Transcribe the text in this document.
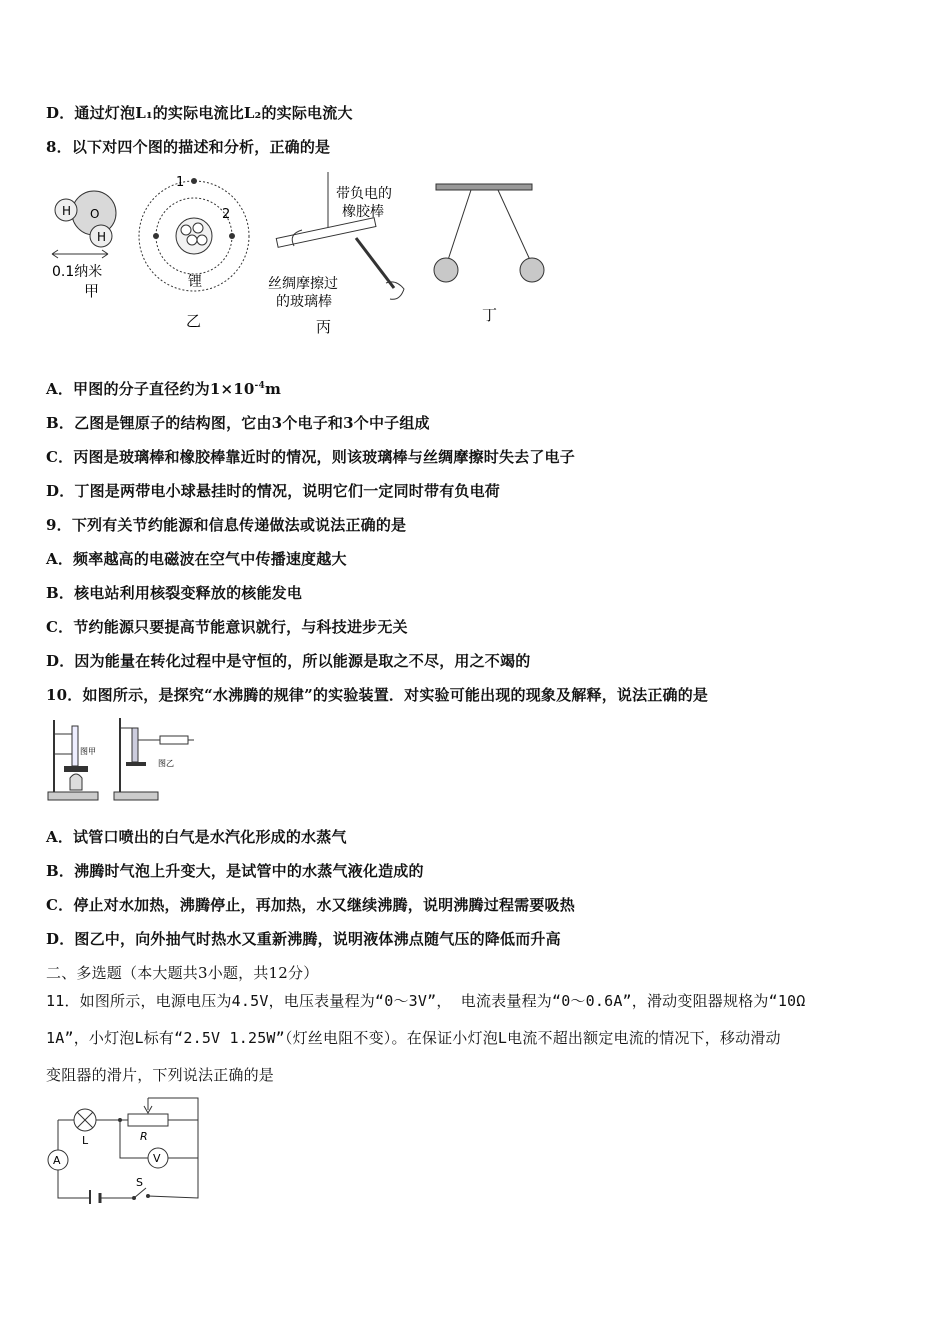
D．通过灯泡L₁的实际电流比L₂的实际电流大
8．以下对四个图的描述和分析，正确的是
H
H
O
0.1纳米
甲
1
2
锂
乙
带负电的
橡胶棒
丝绸摩擦过
的玻璃棒
丙
丁
A．甲图的分子直径约为$1\times 10^{-4}m$
B．乙图是锂原子的结构图，它由3个电子和3个中子组成
C．丙图是玻璃棒和橡胶棒靠近时的情况，则该玻璃棒与丝绸摩擦时失去了电子
D．丁图是两带电小球悬挂时的情况，说明它们一定同时带有负电荷
9．下列有关节约能源和信息传递做法或说法正确的是
A．频率越高的电磁波在空气中传播速度越大
B．核电站利用核裂变释放的核能发电
C．节约能源只要提高节能意识就行，与科技进步无关
D．因为能量在转化过程中是守恒的，所以能源是取之不尽，用之不竭的
10．如图所示，是探究“水沸腾的规律”的实验装置．对实验可能出现的现象及解释，说法正确的是
图甲
图乙
A．试管口喷出的白气是水汽化形成的水蒸气
B．沸腾时气泡上升变大，是试管中的水蒸气液化造成的
C．停止对水加热，沸腾停止，再加热，水又继续沸腾，说明沸腾过程需要吸热
D．图乙中，向外抽气时热水又重新沸腾，说明液体沸点随气压的降低而升高
二、多选题（本大题共3小题，共12分）
11．如图所示，电源电压为4.5V，电压表量程为“0～3V”， 电流表量程为“0～0.6A”，滑动变阻器规格为“10Ω
1A”，小灯泡L标有“2.5V 1.25W”（灯丝电阻不变）。在保证小灯泡L电流不超出额定电流的情况下，移动滑动
变阻器的滑片，下列说法正确的是
S
A
L	R
V
